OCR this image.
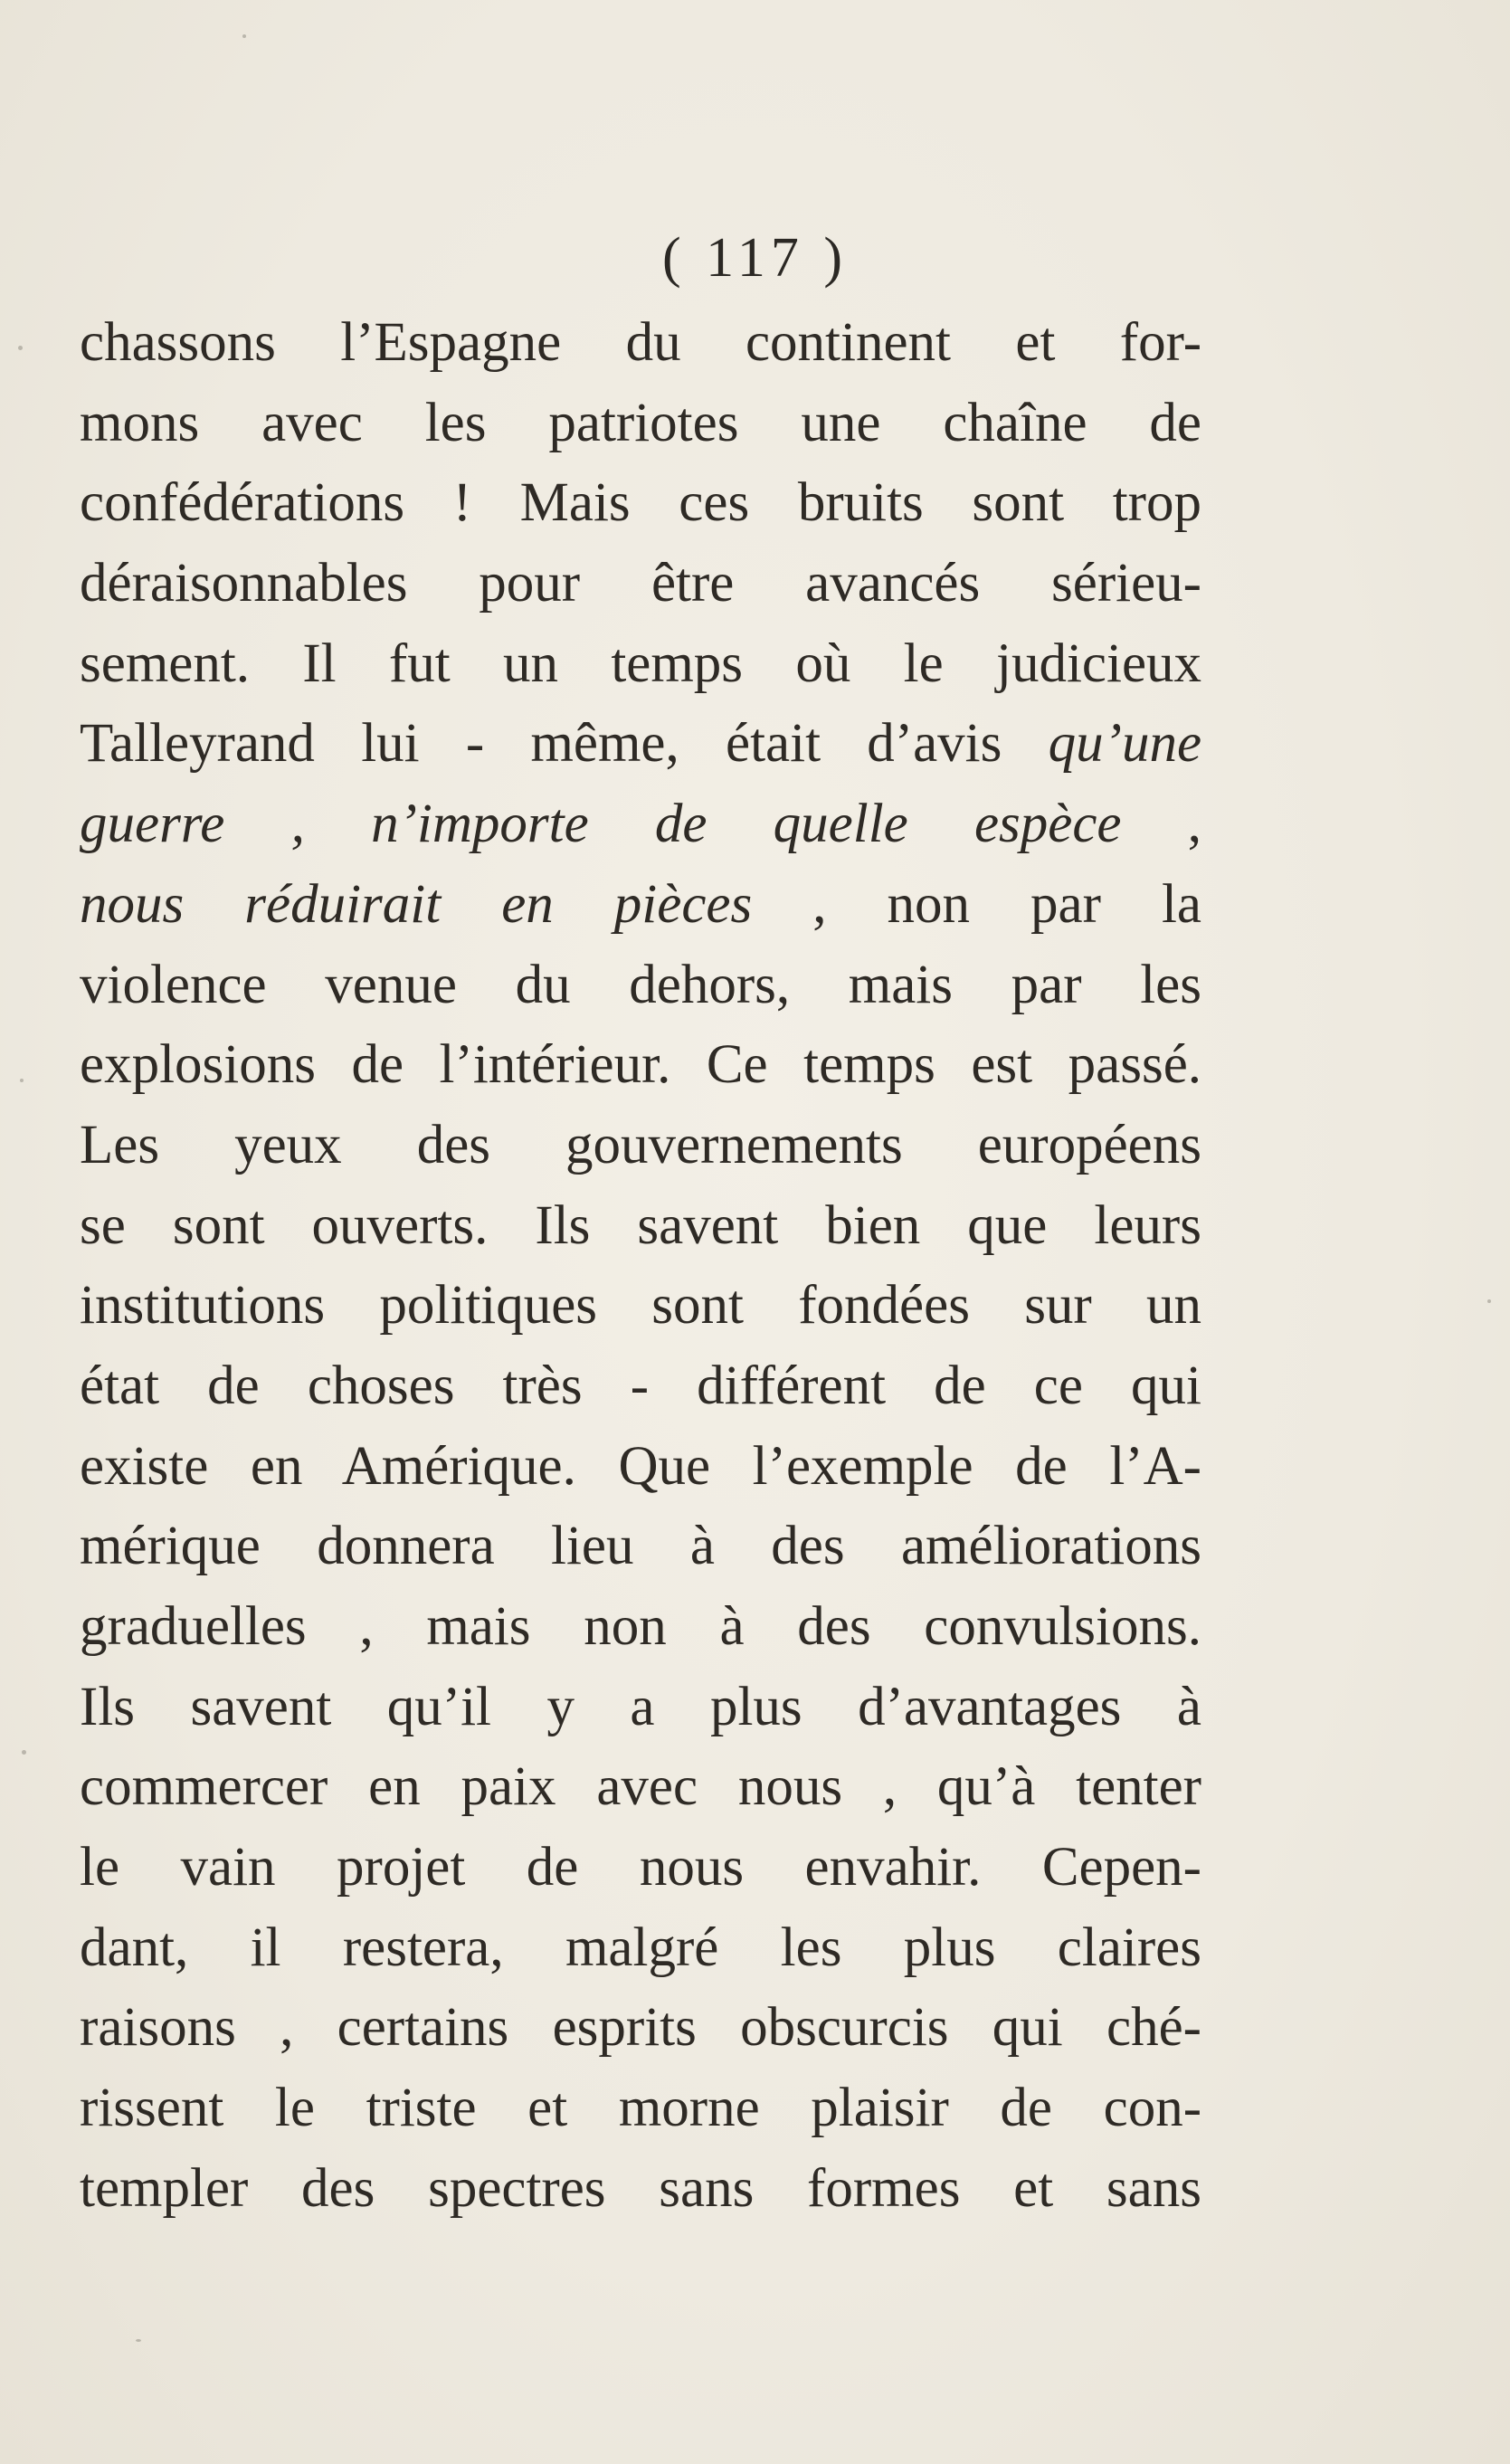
( 117 )
chassons l’Espagne du continent et for-
mons avec les patriotes une chaîne de
confédérations ! Mais ces bruits sont trop
déraisonnables pour être avancés sérieu-
sement. Il fut un temps où le judicieux
Talleyrand lui - même, était d’avis qu’une
guerre , n’importe de quelle espèce ,
nous réduirait en pièces , non par la
violence venue du dehors, mais par les
explosions de l’intérieur. Ce temps est passé.
Les yeux des gouvernements européens
se sont ouverts. Ils savent bien que leurs
institutions politiques sont fondées sur un
état de choses très - différent de ce qui
existe en Amérique. Que l’exemple de l’A-
mérique donnera lieu à des améliorations
graduelles , mais non à des convulsions.
Ils savent qu’il y a plus d’avantages à
commercer en paix avec nous , qu’à tenter
le vain projet de nous envahir. Cepen-
dant, il restera, malgré les plus claires
raisons , certains esprits obscurcis qui ché-
rissent le triste et morne plaisir de con-
templer des spectres sans formes et sans
